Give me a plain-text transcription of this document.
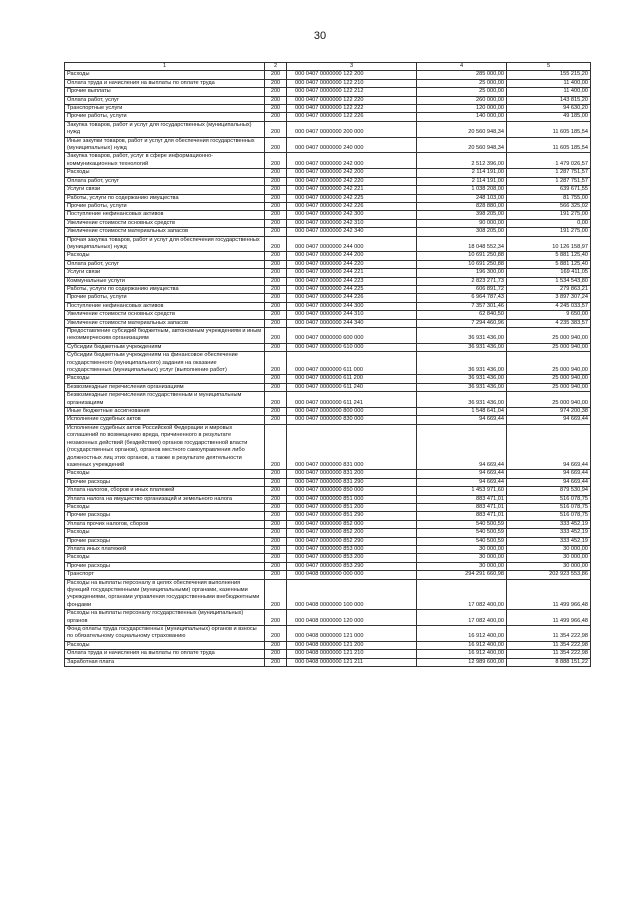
30
1	2	3	4	5
Расходы	200	000 0407 0000000 122 200	285 000,00	155 215,20
Оплата труда и начисления на выплаты по оплате труда	200	000 0407 0000000 122 210	25 000,00	11 400,00
Прочие выплаты	200	000 0407 0000000 122 212	25 000,00	11 400,00
Оплата работ, услуг	200	000 0407 0000000 122 220	260 000,00	143 815,20
Транспортные услуги	200	000 0407 0000000 122 222	120 000,00	94 630,20
Прочие работы, услуги	200	000 0407 0000000 122 226	140 000,00	49 185,00
Закупка товаров, работ и услуг для государственных (муниципальных) нужд	200	000 0407 0000000 200 000	20 560 948,34	11 605 185,54
Иные закупки товаров, работ и услуг для обеспечения государственных (муниципальных) нужд	200	000 0407 0000000 240 000	20 560 948,34	11 605 185,54
Закупка товаров, работ, услуг в сфере информационно-коммуникационных технологий	200	000 0407 0000000 242 000	2 512 396,00	1 479 026,57
Расходы	200	000 0407 0000000 242 200	2 114 191,00	1 287 751,57
Оплата работ, услуг	200	000 0407 0000000 242 220	2 114 191,00	1 287 751,57
Услуги связи	200	000 0407 0000000 242 221	1 038 208,00	639 671,55
Работы, услуги по содержанию имущества	200	000 0407 0000000 242 225	248 103,00	81 755,00
Прочие работы, услуги	200	000 0407 0000000 242 226	828 880,00	566 325,02
Поступление нефинансовых активов	200	000 0407 0000000 242 300	398 205,00	191 275,00
Увеличение стоимости основных средств	200	000 0407 0000000 242 310	90 000,00	0,00
Увеличение стоимости материальных запасов	200	000 0407 0000000 242 340	308 205,00	191 275,00
Прочая закупка товаров, работ и услуг для обеспечения государственных (муниципальных) нужд	200	000 0407 0000000 244 000	18 048 552,34	10 126 158,97
Расходы	200	000 0407 0000000 244 200	10 691 250,88	5 881 125,40
Оплата работ, услуг	200	000 0407 0000000 244 220	10 691 250,88	5 881 125,40
Услуги связи	200	000 0407 0000000 244 221	196 300,00	169 411,05
Коммунальные услуги	200	000 0407 0000000 244 223	2 823 271,73	1 534 543,80
Работы, услуги по содержанию имущества	200	000 0407 0000000 244 225	606 891,72	279 863,21
Прочие работы, услуги	200	000 0407 0000000 244 226	6 964 787,43	3 897 307,24
Поступление нефинансовых активов	200	000 0407 0000000 244 300	7 357 301,46	4 245 033,57
Увеличение стоимости основных средств	200	000 0407 0000000 244 310	62 840,50	9 650,00
Увеличение стоимости материальных запасов	200	000 0407 0000000 244 340	7 294 460,96	4 235 383,57
Предоставление субсидий бюджетным, автономным учреждениям и иным некоммерческим организациям	200	000 0407 0000000 600 000	36 931 436,00	25 000 940,00
Субсидии бюджетным учреждениям	200	000 0407 0000000 610 000	36 931 436,00	25 000 940,00
Субсидии бюджетным учреждениям на финансовое обеспечение государственного (муниципального) задания на оказание государственных (муниципальных) услуг (выполнение работ)	200	000 0407 0000000 611 000	36 931 436,00	25 000 940,00
Расходы	200	000 0407 0000000 611 200	36 931 436,00	25 000 940,00
Безвозмездные перечисления организациям	200	000 0407 0000000 611 240	36 931 436,00	25 000 940,00
Безвозмездные перечисления государственным и муниципальным организациям	200	000 0407 0000000 611 241	36 931 436,00	25 000 940,00
Иные бюджетные ассигнования	200	000 0407 0000000 800 000	1 548 641,04	974 200,38
Исполнение судебных актов	200	000 0407 0000000 830 000	94 669,44	94 669,44
Исполнение судебных актов Российской Федерации и мировых соглашений по возмещению вреда, причиненного в результате незаконных действий (бездействия) органов государственной власти (государственных органов), органов местного самоуправления либо должностных лиц этих органов, а также в результате деятельности казенных учреждений	200	000 0407 0000000 831 000	94 669,44	94 669,44
Расходы	200	000 0407 0000000 831 200	94 669,44	94 669,44
Прочие расходы	200	000 0407 0000000 831 290	94 669,44	94 669,44
Уплата налогов, сборов и иных платежей	200	000 0407 0000000 850 000	1 453 971,60	879 530,94
Уплата налога на имущество организаций и земельного налога	200	000 0407 0000000 851 000	883 471,01	516 078,75
Расходы	200	000 0407 0000000 851 200	883 471,01	516 078,75
Прочие расходы	200	000 0407 0000000 851 290	883 471,01	516 078,75
Уплата прочих налогов, сборов	200	000 0407 0000000 852 000	540 500,59	333 452,19
Расходы	200	000 0407 0000000 852 200	540 500,59	333 452,19
Прочие расходы	200	000 0407 0000000 852 290	540 500,59	333 452,19
Уплата иных платежей	200	000 0407 0000000 853 000	30 000,00	30 000,00
Расходы	200	000 0407 0000000 853 200	30 000,00	30 000,00
Прочие расходы	200	000 0407 0000000 853 290	30 000,00	30 000,00
Транспорт	200	000 0408 0000000 000 000	294 291 660,98	202 923 553,86
Расходы на выплаты персоналу в целях обеспечения выполнения функций государственными (муниципальными) органами, казенными учреждениями, органами управления государственными внебюджетными фондами	200	000 0408 0000000 100 000	17 082 400,00	11 499 966,48
Расходы на выплаты персоналу государственных (муниципальных) органов	200	000 0408 0000000 120 000	17 082 400,00	11 499 966,48
Фонд оплаты труда государственных (муниципальных) органов и взносы по обязательному социальному страхованию	200	000 0408 0000000 121 000	16 912 400,00	11 354 222,98
Расходы	200	000 0408 0000000 121 200	16 912 400,00	11 354 222,98
Оплата труда и начисления на выплаты по оплате труда	200	000 0408 0000000 121 210	16 912 400,00	11 354 222,98
Заработная плата	200	000 0408 0000000 121 211	12 989 600,00	8 888 151,22
